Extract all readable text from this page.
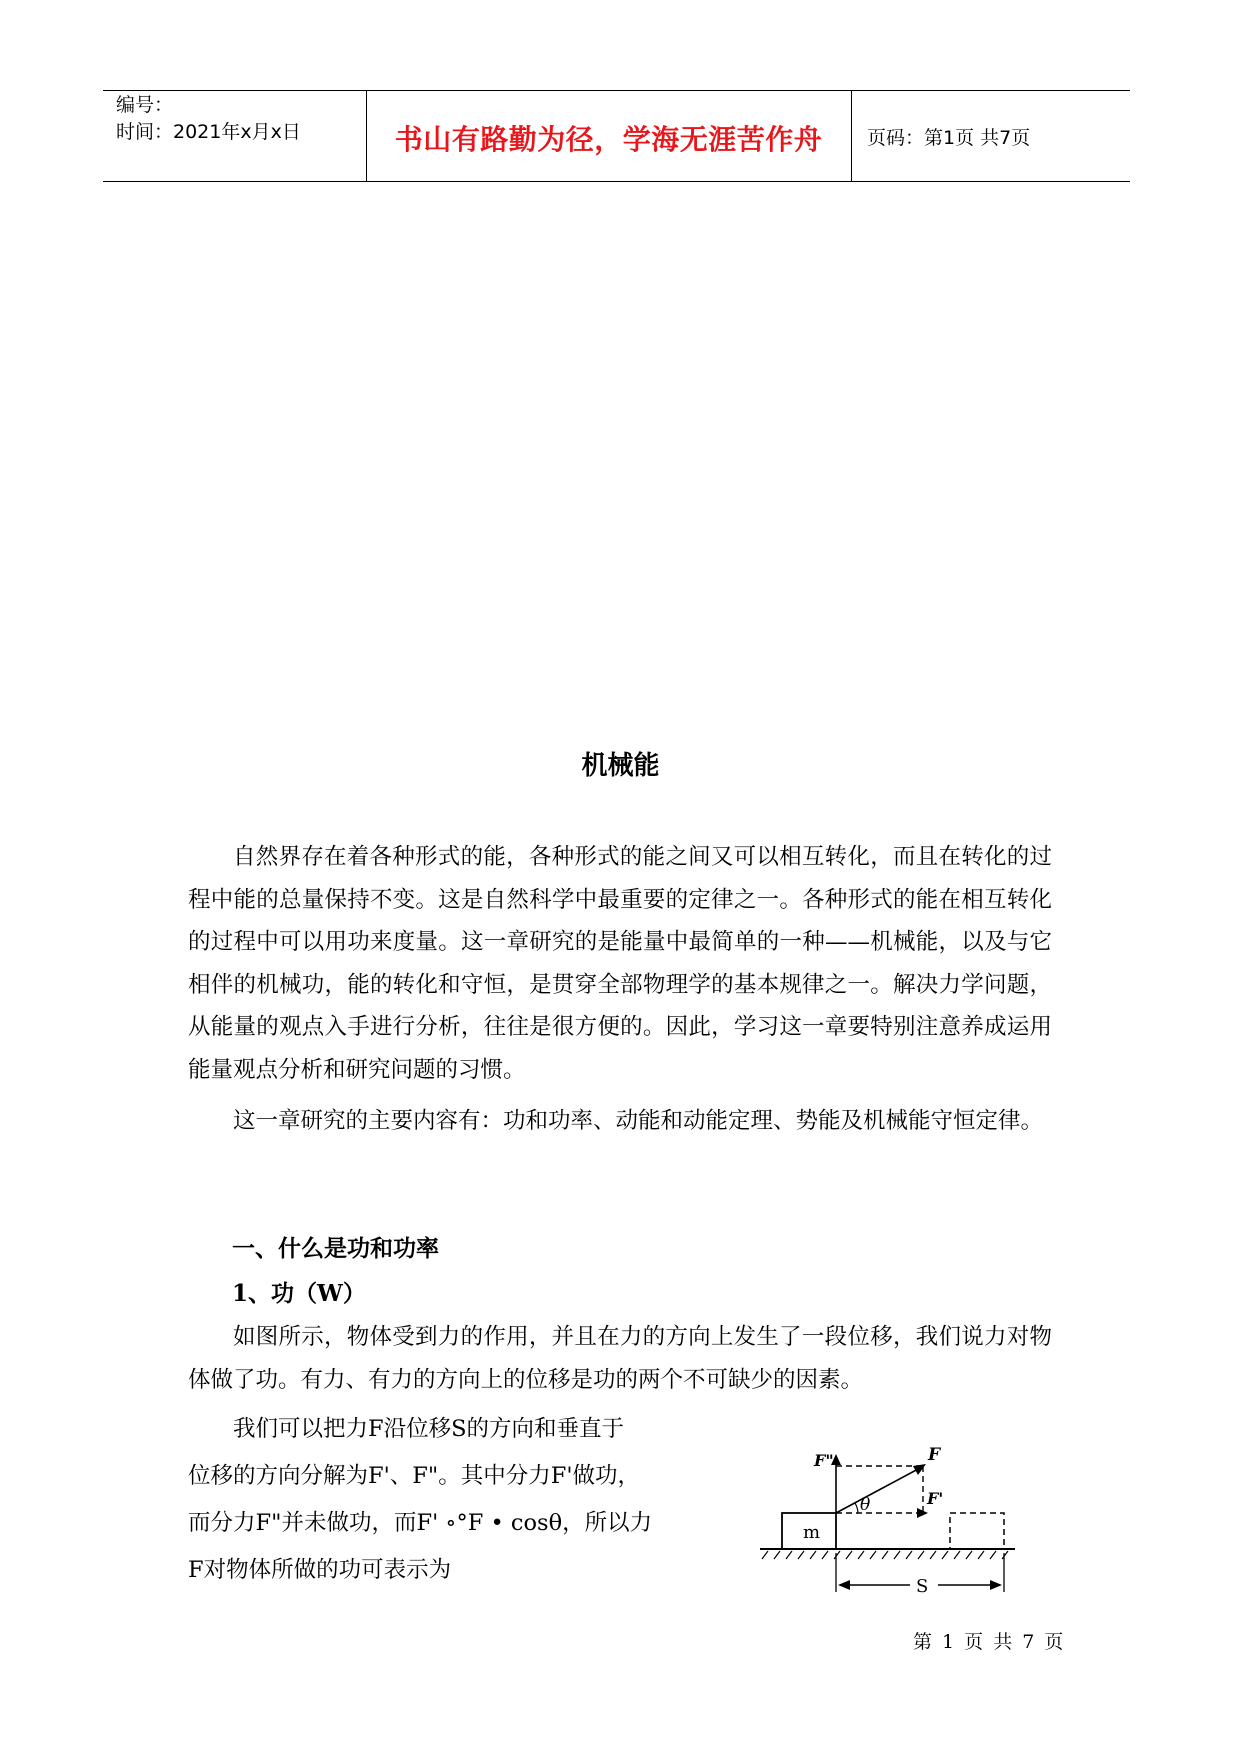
编号：
时间：2021年x月x日	书山有路勤为径，学海无涯苦作舟	页码：第1页 共7页
机械能

自然界存在着各种形式的能，各种形式的能之间又可以相互转化，而且在转化的过程中能的总量保持不变。这是自然科学中最重要的定律之一。各种形式的能在相互转化的过程中可以用功来度量。这一章研究的是能量中最简单的一种——机械能，以及与它相伴的机械功，能的转化和守恒，是贯穿全部物理学的基本规律之一。解决力学问题，从能量的观点入手进行分析，往往是很方便的。因此，学习这一章要特别注意养成运用能量观点分析和研究问题的习惯。

这一章研究的主要内容有：功和功率、动能和动能定理、势能及机械能守恒定律。

一、什么是功和功率
1、功（W）

如图所示，物体受到力的作用，并且在力的方向上发生了一段位移，我们说力对物体做了功。有力、有力的方向上的位移是功的两个不可缺少的因素。

我们可以把力F沿位移S的方向和垂直于
位移的方向分解为F'、F"。其中分力F'做功，
而分力F"并未做功，而F' ∘°F • cosθ，所以力
F对物体所做的功可表示为

m
θ
F"	F
F'
S
第 1 页 共 7 页
